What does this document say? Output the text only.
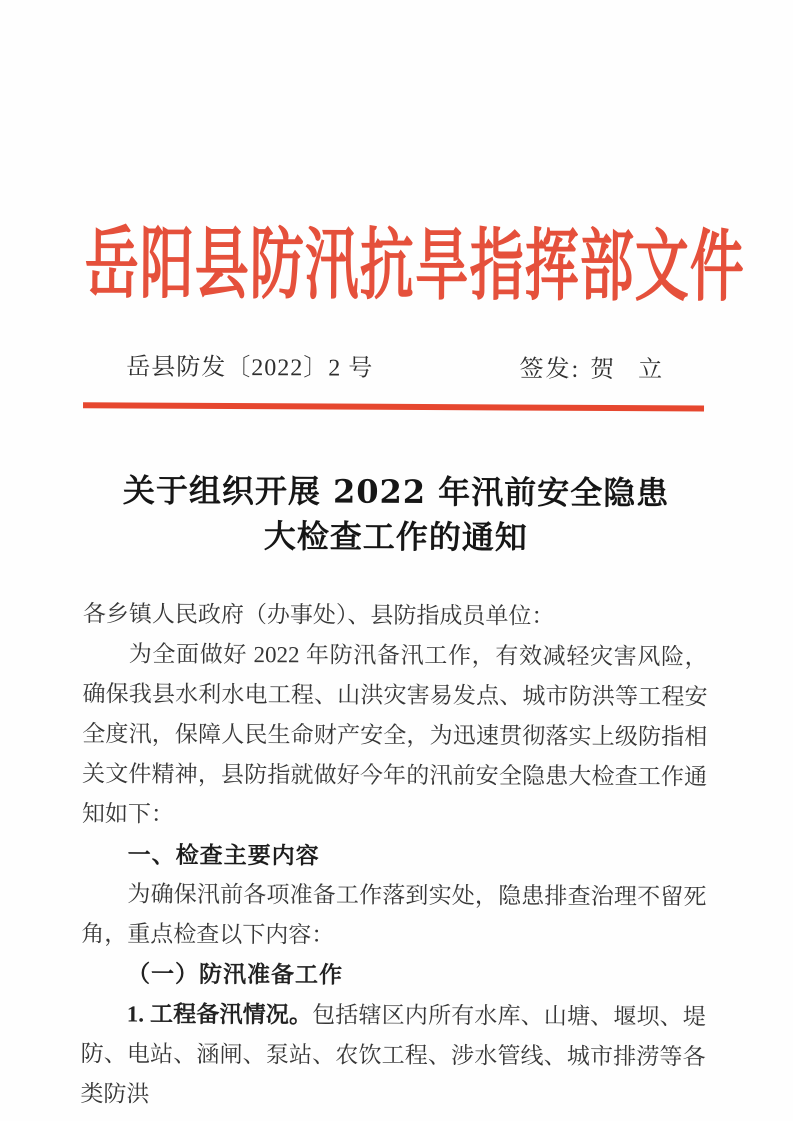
岳阳县防汛抗旱指挥部文件
岳县防发〔2022〕2 号	签发: 贺 立
关于组织开展 2022 年汛前安全隐患
大检查工作的通知

各乡镇人民政府（办事处）、县防指成员单位：

为全面做好 2022 年防汛备汛工作，有效减轻灾害风险，确保我县水利水电工程、山洪灾害易发点、城市防洪等工程安全度汛，保障人民生命财产安全，为迅速贯彻落实上级防指相关文件精神，县防指就做好今年的汛前安全隐患大检查工作通知如下：

一、检查主要内容

为确保汛前各项准备工作落到实处，隐患排查治理不留死角，重点检查以下内容：

（一）防汛准备工作

1. 工程备汛情况。包括辖区内所有水库、山塘、堰坝、堤防、电站、涵闸、泵站、农饮工程、涉水管线、城市排涝等各类防洪
